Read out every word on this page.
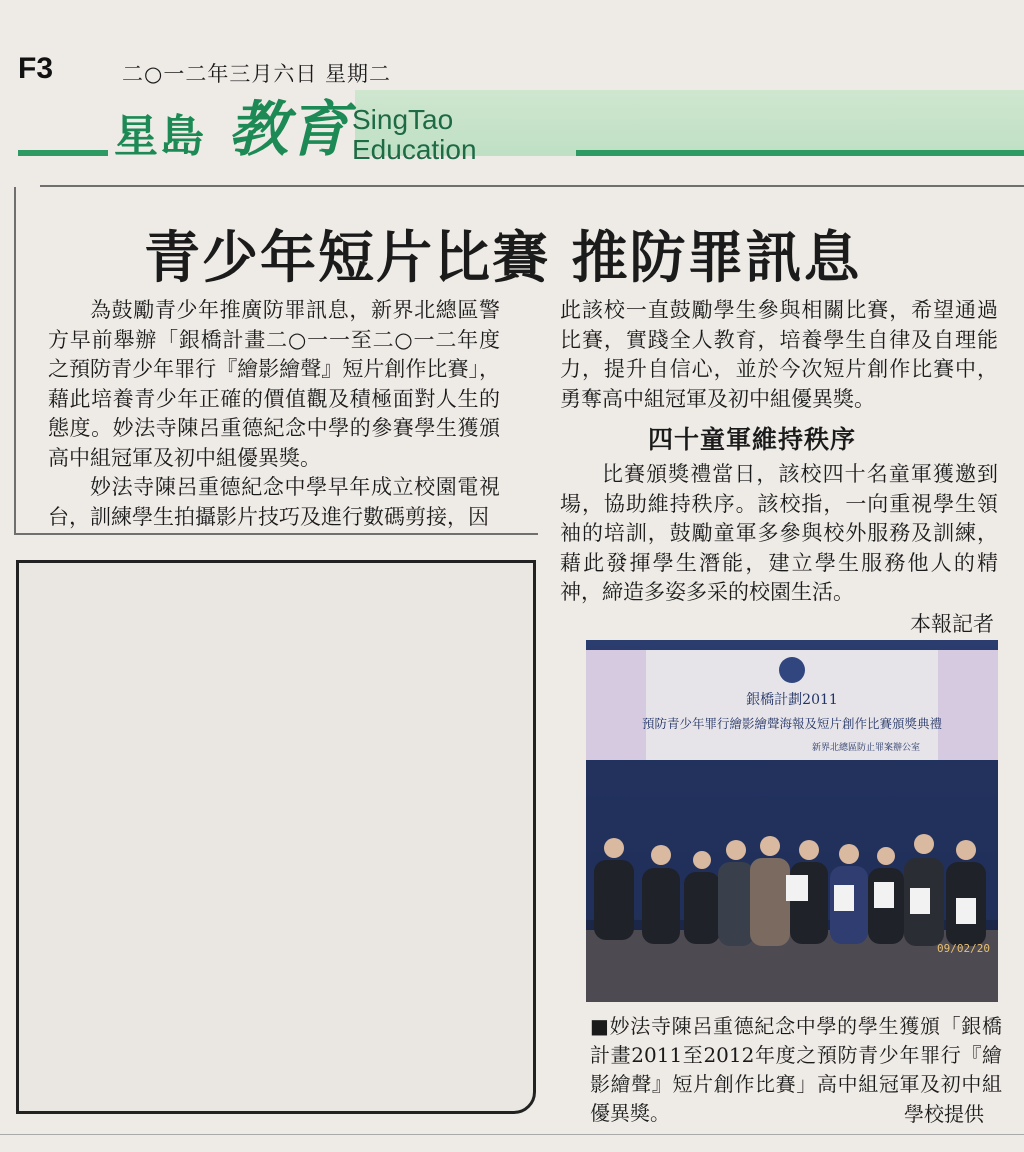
F3	二○一二年三月六日 星期二
星島 教育 SingTao
Education
青少年短片比賽 推防罪訊息

為鼓勵青少年推廣防罪訊息，新界北總區警方早前舉辦「銀橋計畫二○一一至二○一二年度之預防青少年罪行『繪影繪聲』短片創作比賽」，藉此培養青少年正確的價值觀及積極面對人生的態度。妙法寺陳呂重德紀念中學的參賽學生獲頒高中組冠軍及初中組優異獎。

妙法寺陳呂重德紀念中學早年成立校園電視台，訓練學生拍攝影片技巧及進行數碼剪接，因

此該校一直鼓勵學生參與相關比賽，希望通過比賽，實踐全人教育，培養學生自律及自理能力，提升自信心，並於今次短片創作比賽中，勇奪高中組冠軍及初中組優異獎。

四十童軍維持秩序

比賽頒獎禮當日，該校四十名童軍獲邀到場，協助維持秩序。該校指，一向重視學生領袖的培訓，鼓勵童軍多參與校外服務及訓練，藉此發揮學生潛能，建立學生服務他人的精神，締造多姿多采的校園生活。

本報記者
銀橋計劃2011
預防青少年罪行繪影繪聲海報及短片創作比賽頒獎典禮
新界北總區防止罪案辦公室
09/02/20
■妙法寺陳呂重德紀念中學的學生獲頒「銀橋計畫2011至2012年度之預防青少年罪行『繪影繪聲』短片創作比賽」高中組冠軍及初中組優異獎。	學校提供
